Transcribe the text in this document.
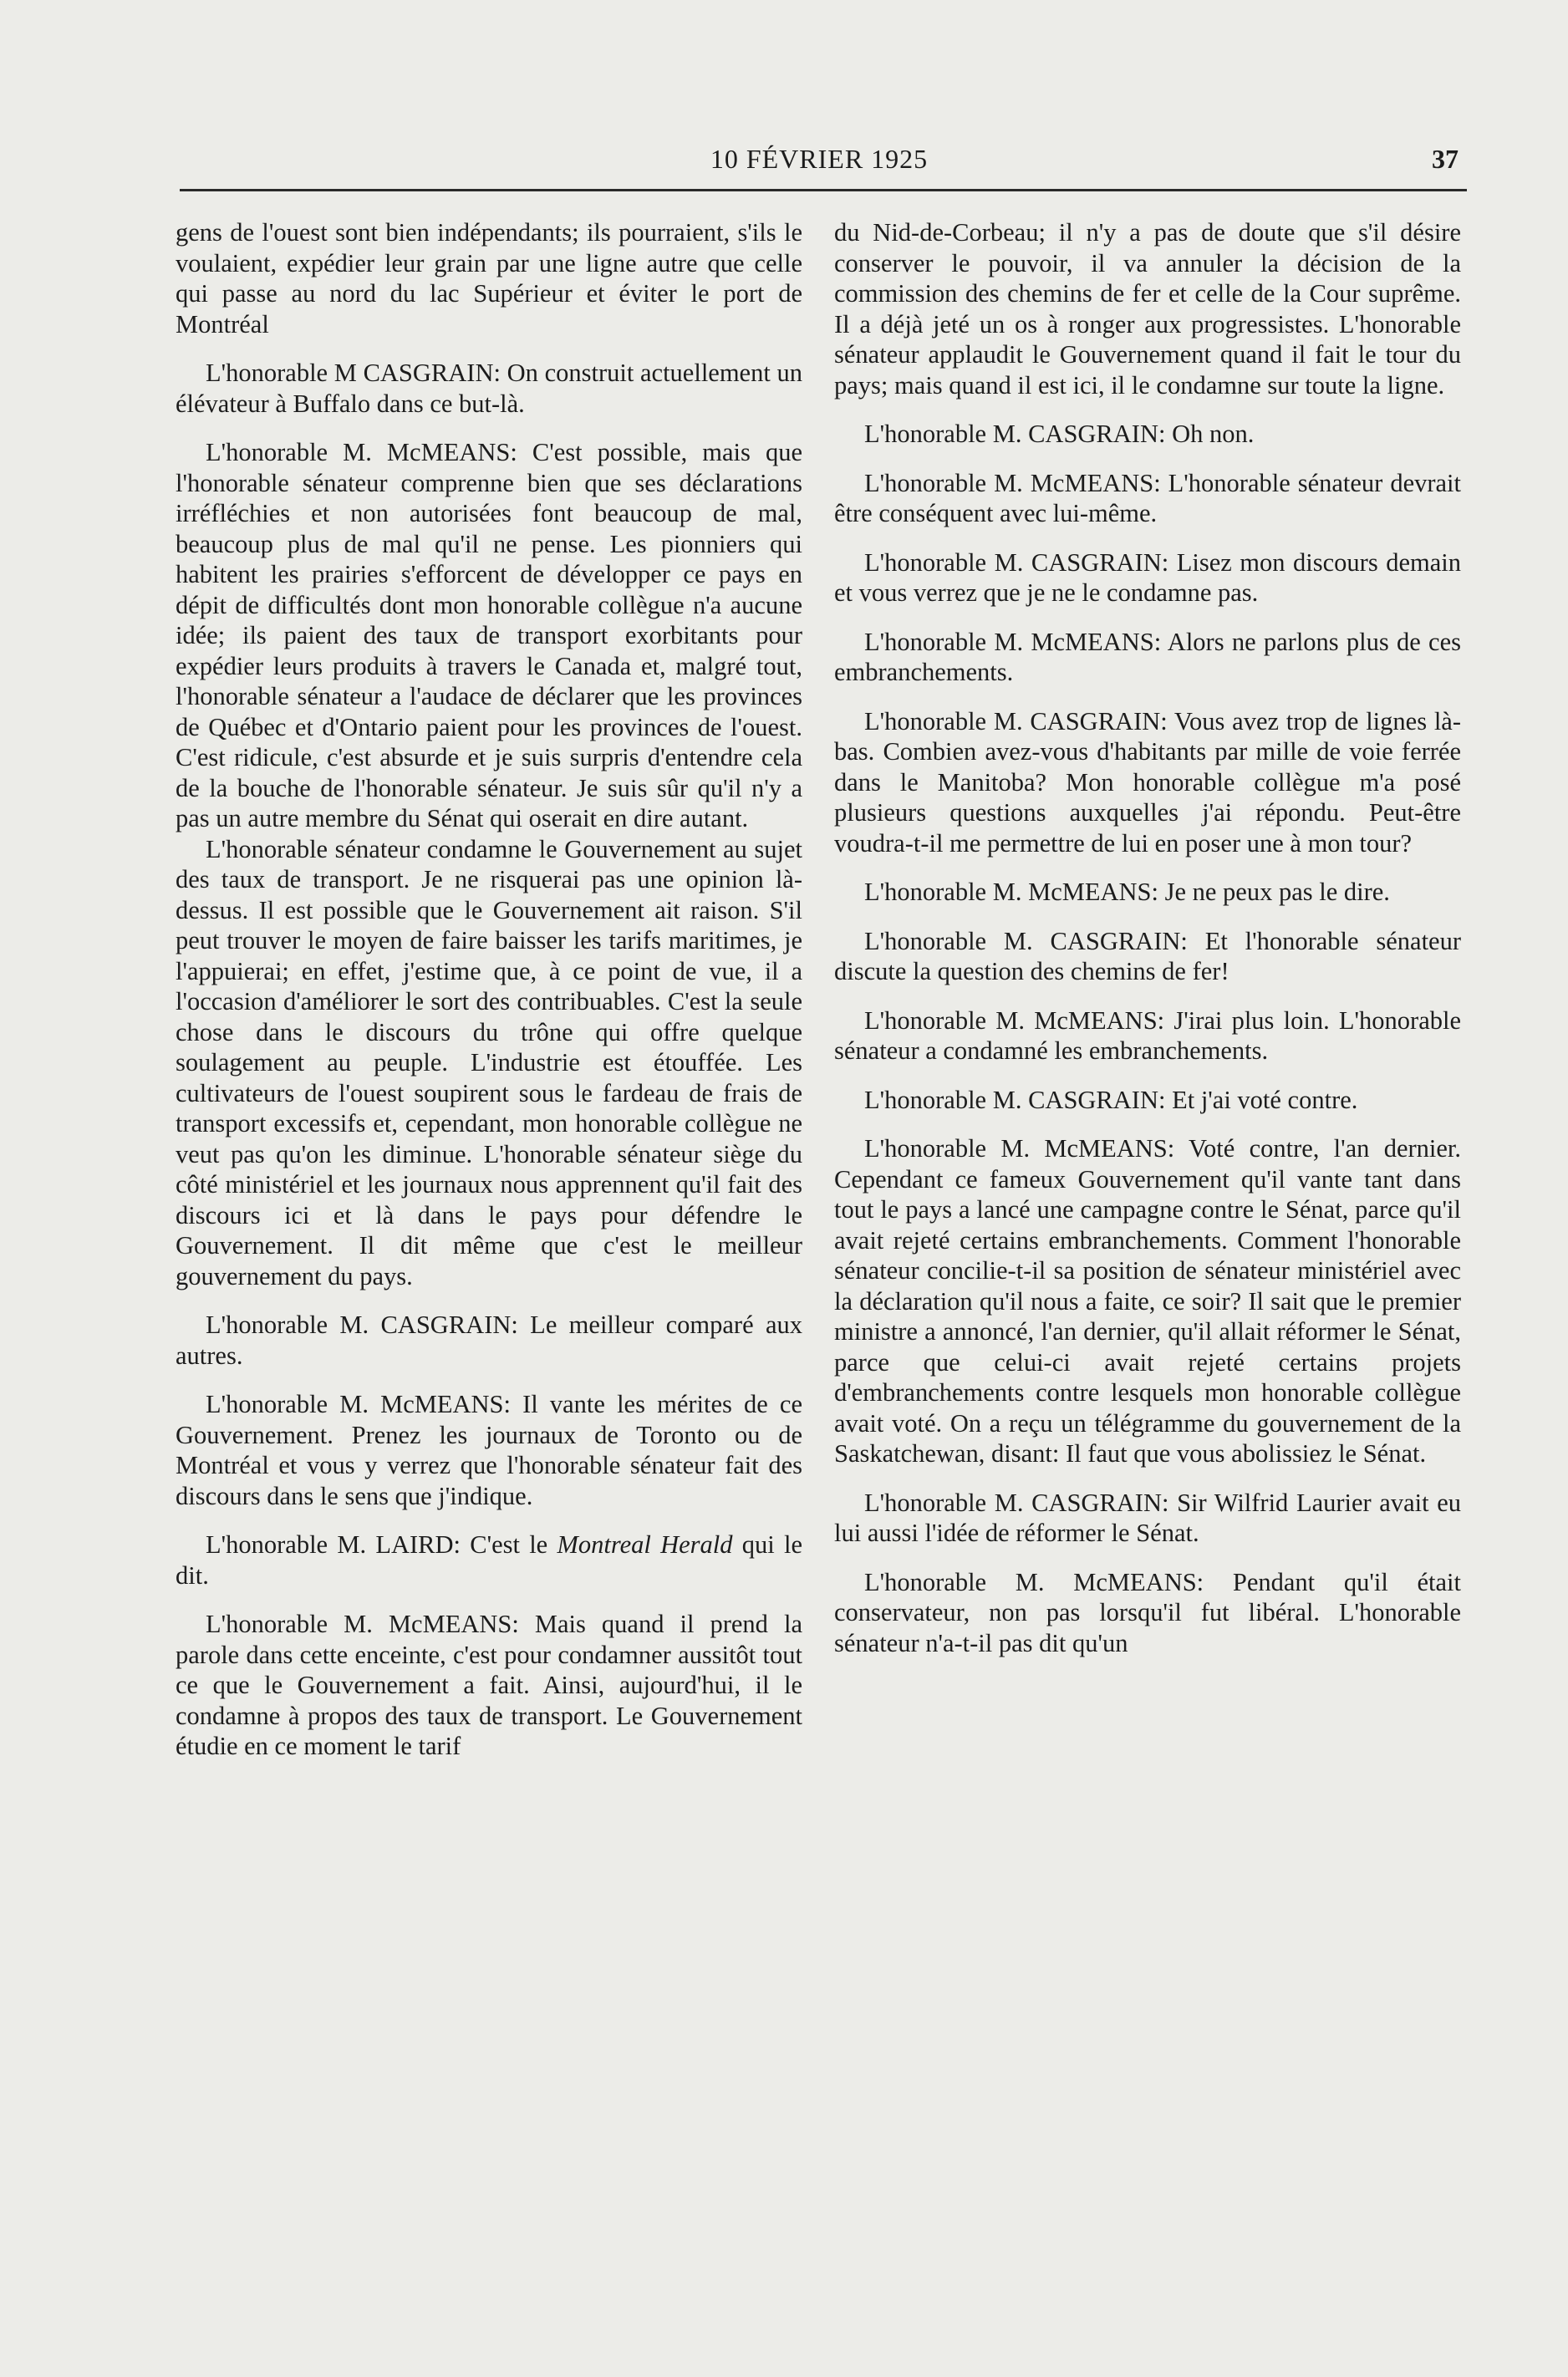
10 FÉVRIER 1925	37

gens de l'ouest sont bien indépendants; ils pourraient, s'ils le voulaient, expédier leur grain par une ligne autre que celle qui passe au nord du lac Supérieur et éviter le port de Montréal

L'honorable M CASGRAIN: On construit actuellement un élévateur à Buffalo dans ce but-là.

L'honorable M. McMEANS: C'est possible, mais que l'honorable sénateur comprenne bien que ses déclarations irréfléchies et non autorisées font beaucoup de mal, beaucoup plus de mal qu'il ne pense. Les pionniers qui habitent les prairies s'efforcent de développer ce pays en dépit de difficultés dont mon honorable collègue n'a aucune idée; ils paient des taux de transport exorbitants pour expédier leurs produits à travers le Canada et, malgré tout, l'honorable sénateur a l'audace de déclarer que les provinces de Québec et d'Ontario paient pour les provinces de l'ouest. C'est ridicule, c'est absurde et je suis surpris d'entendre cela de la bouche de l'honorable sénateur. Je suis sûr qu'il n'y a pas un autre membre du Sénat qui oserait en dire autant.

L'honorable sénateur condamne le Gouvernement au sujet des taux de transport. Je ne risquerai pas une opinion là-dessus. Il est possible que le Gouvernement ait raison. S'il peut trouver le moyen de faire baisser les tarifs maritimes, je l'appuierai; en effet, j'estime que, à ce point de vue, il a l'occasion d'améliorer le sort des contribuables. C'est la seule chose dans le discours du trône qui offre quelque soulagement au peuple. L'industrie est étouffée. Les cultivateurs de l'ouest soupirent sous le fardeau de frais de transport excessifs et, cependant, mon honorable collègue ne veut pas qu'on les diminue. L'honorable sénateur siège du côté ministériel et les journaux nous apprennent qu'il fait des discours ici et là dans le pays pour défendre le Gouvernement. Il dit même que c'est le meilleur gouvernement du pays.

L'honorable M. CASGRAIN: Le meilleur comparé aux autres.

L'honorable M. McMEANS: Il vante les mérites de ce Gouvernement. Prenez les journaux de Toronto ou de Montréal et vous y verrez que l'honorable sénateur fait des discours dans le sens que j'indique.

L'honorable M. LAIRD: C'est le Montreal Herald qui le dit.

L'honorable M. McMEANS: Mais quand il prend la parole dans cette enceinte, c'est pour condamner aussitôt tout ce que le Gouvernement a fait. Ainsi, aujourd'hui, il le condamne à propos des taux de transport. Le Gouvernement étudie en ce moment le tarif

du Nid-de-Corbeau; il n'y a pas de doute que s'il désire conserver le pouvoir, il va annuler la décision de la commission des chemins de fer et celle de la Cour suprême. Il a déjà jeté un os à ronger aux progressistes. L'honorable sénateur applaudit le Gouvernement quand il fait le tour du pays; mais quand il est ici, il le condamne sur toute la ligne.

L'honorable M. CASGRAIN: Oh non.

L'honorable M. McMEANS: L'honorable sénateur devrait être conséquent avec lui-même.

L'honorable M. CASGRAIN: Lisez mon discours demain et vous verrez que je ne le condamne pas.

L'honorable M. McMEANS: Alors ne parlons plus de ces embranchements.

L'honorable M. CASGRAIN: Vous avez trop de lignes là-bas. Combien avez-vous d'habitants par mille de voie ferrée dans le Manitoba? Mon honorable collègue m'a posé plusieurs questions auxquelles j'ai répondu. Peut-être voudra-t-il me permettre de lui en poser une à mon tour?

L'honorable M. McMEANS: Je ne peux pas le dire.

L'honorable M. CASGRAIN: Et l'honorable sénateur discute la question des chemins de fer!

L'honorable M. McMEANS: J'irai plus loin. L'honorable sénateur a condamné les embranchements.

L'honorable M. CASGRAIN: Et j'ai voté contre.

L'honorable M. McMEANS: Voté contre, l'an dernier. Cependant ce fameux Gouvernement qu'il vante tant dans tout le pays a lancé une campagne contre le Sénat, parce qu'il avait rejeté certains embranchements. Comment l'honorable sénateur concilie-t-il sa position de sénateur ministériel avec la déclaration qu'il nous a faite, ce soir? Il sait que le premier ministre a annoncé, l'an dernier, qu'il allait réformer le Sénat, parce que celui-ci avait rejeté certains projets d'embranchements contre lesquels mon honorable collègue avait voté. On a reçu un télégramme du gouvernement de la Saskatchewan, disant: Il faut que vous abolissiez le Sénat.

L'honorable M. CASGRAIN: Sir Wilfrid Laurier avait eu lui aussi l'idée de réformer le Sénat.

L'honorable M. McMEANS: Pendant qu'il était conservateur, non pas lorsqu'il fut libéral. L'honorable sénateur n'a-t-il pas dit qu'un
